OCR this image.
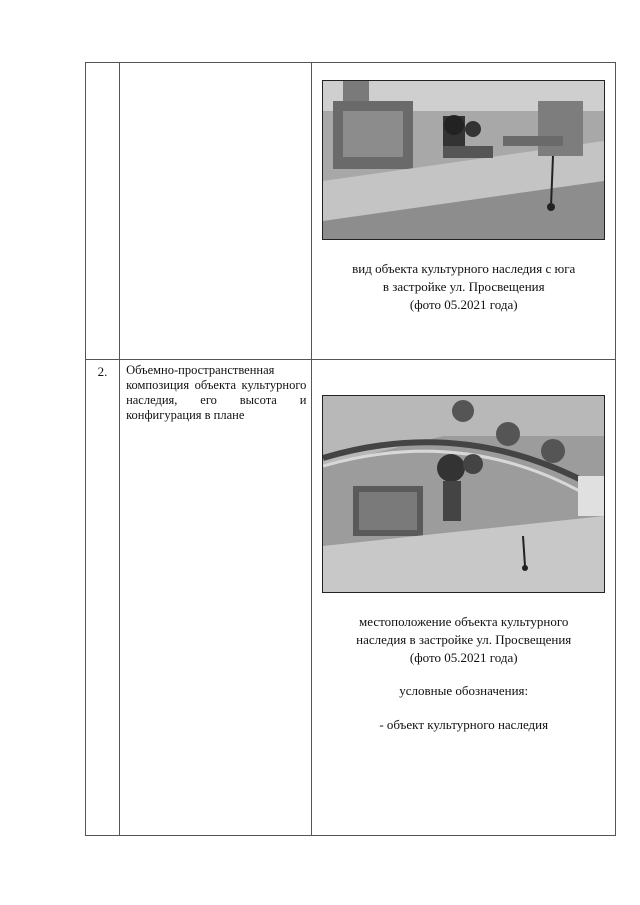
		вид объекта культурного наследия с юга

в застройке ул. Просвещения

(фото 05.2021 года)

2.	Объемно-пространственная композиция объекта культурного наследия, его высота и конфигурация в плане	местоположение объекта культурного

наследия в застройке ул. Просвещения

(фото 05.2021 года)

условные обозначения:

- объект культурного наследия
